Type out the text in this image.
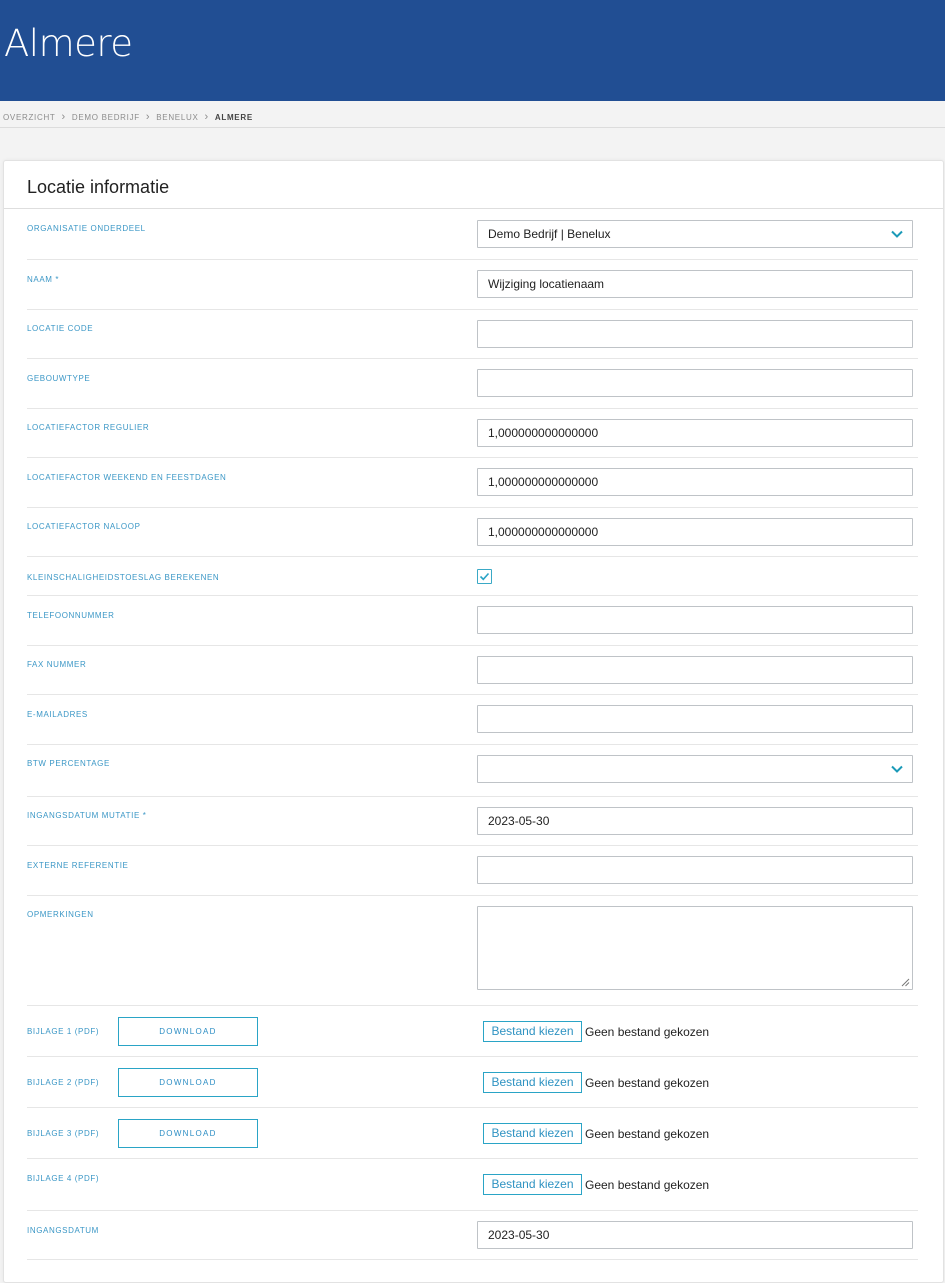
Almere
OVERZICHT › DEMO BEDRIJF › BENELUX › ALMERE
Locatie informatie
ORGANISATIE ONDERDEEL	Demo Bedrijf | Benelux
NAAM *	Wijziging locatienaam
LOCATIE CODE
GEBOUWTYPE
LOCATIEFACTOR REGULIER	1,000000000000000
LOCATIEFACTOR WEEKEND EN FEESTDAGEN	1,000000000000000
LOCATIEFACTOR NALOOP	1,000000000000000
KLEINSCHALIGHEIDSTOESLAG BEREKENEN
TELEFOONNUMMER
FAX NUMMER
E-MAILADRES
BTW PERCENTAGE
INGANGSDATUM MUTATIE *	2023-05-30
EXTERNE REFERENTIE
OPMERKINGEN
BIJLAGE 1 (PDF)	DOWNLOAD	Bestand kiezen Geen bestand gekozen
BIJLAGE 2 (PDF)	DOWNLOAD	Bestand kiezen Geen bestand gekozen
BIJLAGE 3 (PDF)	DOWNLOAD	Bestand kiezen Geen bestand gekozen
BIJLAGE 4 (PDF)	Bestand kiezen Geen bestand gekozen
INGANGSDATUM	2023-05-30
